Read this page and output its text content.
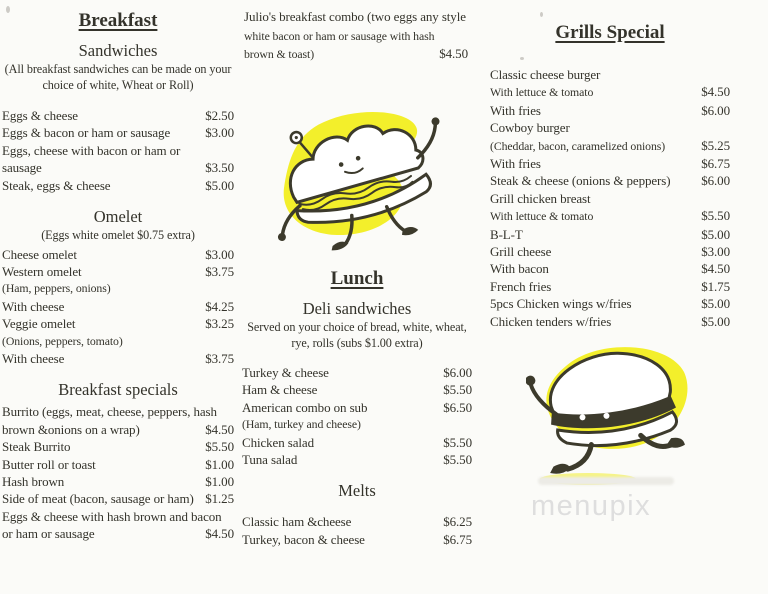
Breakfast
Sandwiches
(All breakfast sandwiches can be made on your
choice of white, Wheat or Roll)
Eggs & cheese	$2.50
Eggs & bacon or ham or sausage	$3.00
Eggs, cheese with bacon or ham or
sausage	$3.50
Steak, eggs & cheese	$5.00
Omelet
(Eggs white omelet $0.75 extra)
Cheese omelet	$3.00
Western omelet	$3.75
(Ham, peppers, onions)
With cheese	$4.25
Veggie omelet	$3.25
(Onions, peppers, tomato)
With cheese	$3.75
Breakfast specials
Burrito (eggs, meat, cheese, peppers, hash
brown &onions on a wrap)	$4.50
Steak Burrito	$5.50
Butter roll or toast	$1.00
Hash brown	$1.00
Side of meat (bacon, sausage or ham) $1.25
Eggs & cheese with hash brown and bacon
or ham or sausage	$4.50
Julio's breakfast combo (two eggs any style
white bacon or ham or sausage with hash
brown & toast)	$4.50
Lunch
Deli sandwiches
Served on your choice of bread, white, wheat,
rye, rolls (subs $1.00 extra)
Turkey & cheese	$6.00
Ham & cheese	$5.50
American combo on sub	$6.50
(Ham, turkey and cheese)
Chicken salad	$5.50
Tuna salad	$5.50
Melts
Classic ham &cheese	$6.25
Turkey, bacon & cheese	$6.75
Grills Special
Classic cheese burger
With lettuce & tomato	$4.50
With fries	$6.00
Cowboy burger
(Cheddar, bacon, caramelized onions)	$5.25
With fries	$6.75
Steak & cheese (onions & peppers) $6.00
Grill chicken breast
With lettuce & tomato	$5.50
B-L-T	$5.00
Grill cheese	$3.00
With bacon	$4.50
French fries	$1.75
5pcs Chicken wings w/fries	$5.00
Chicken tenders w/fries	$5.00
menupix
